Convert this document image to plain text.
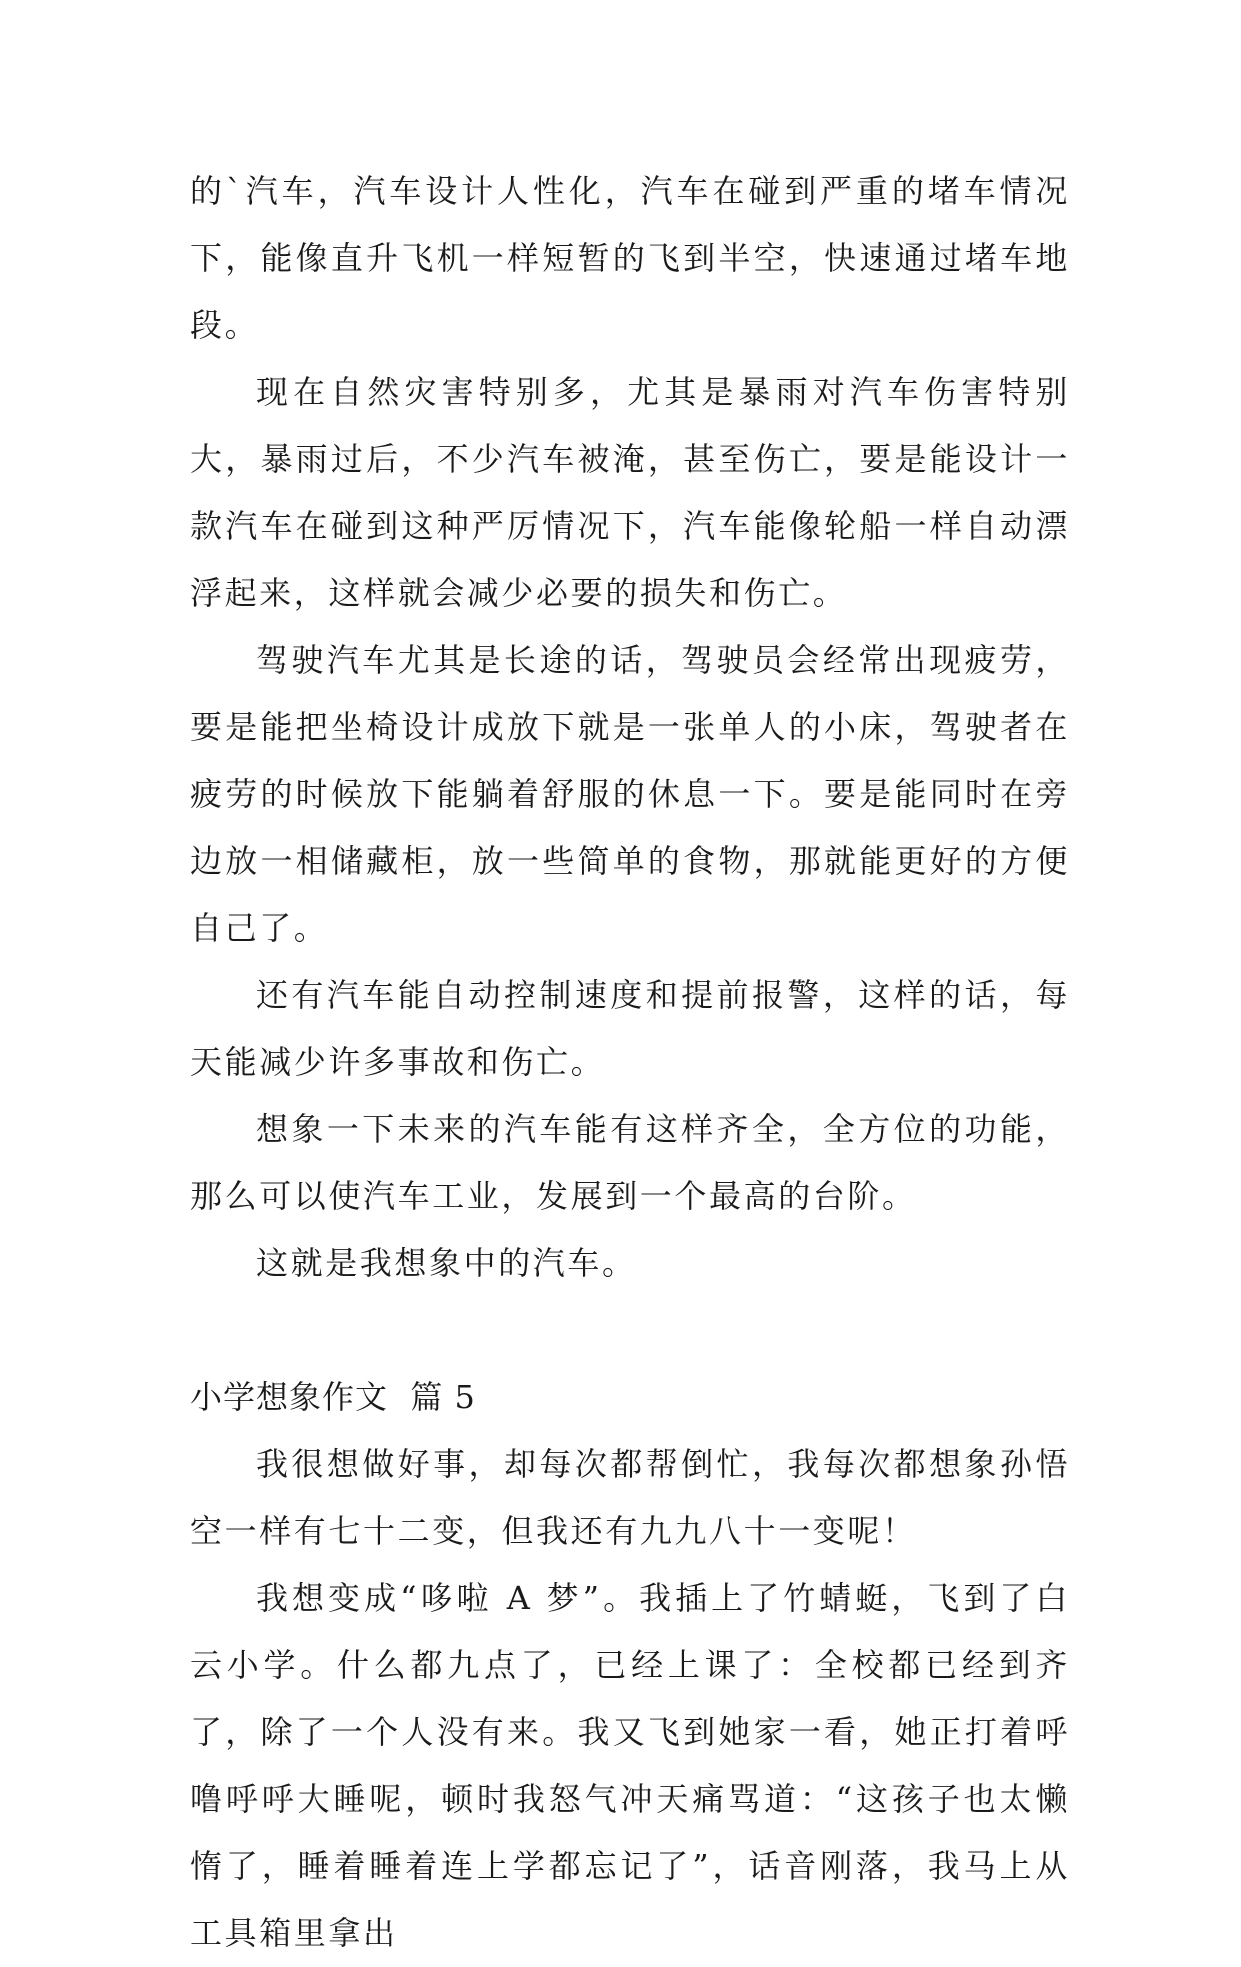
的`汽车，汽车设计人性化，汽车在碰到严重的堵车情况下，能像直升飞机一样短暂的飞到半空，快速通过堵车地段。

现在自然灾害特别多，尤其是暴雨对汽车伤害特别大，暴雨过后，不少汽车被淹，甚至伤亡，要是能设计一款汽车在碰到这种严厉情况下，汽车能像轮船一样自动漂浮起来，这样就会减少必要的损失和伤亡。

驾驶汽车尤其是长途的话，驾驶员会经常出现疲劳，要是能把坐椅设计成放下就是一张单人的小床，驾驶者在疲劳的时候放下能躺着舒服的休息一下。要是能同时在旁边放一相储藏柜，放一些简单的食物，那就能更好的方便自己了。

还有汽车能自动控制速度和提前报警，这样的话，每天能减少许多事故和伤亡。

想象一下未来的汽车能有这样齐全，全方位的功能，那么可以使汽车工业，发展到一个最高的台阶。

这就是我想象中的汽车。

小学想象作文  篇 5

我很想做好事，却每次都帮倒忙，我每次都想象孙悟空一样有七十二变，但我还有九九八十一变呢！

我想变成“哆啦 A 梦”。我插上了竹蜻蜓，飞到了白云小学。什么都九点了，已经上课了：全校都已经到齐了，除了一个人没有来。我又飞到她家一看，她正打着呼噜呼呼大睡呢，顿时我怒气冲天痛骂道：“这孩子也太懒惰了，睡着睡着连上学都忘记了”，话音刚落，我马上从工具箱里拿出
